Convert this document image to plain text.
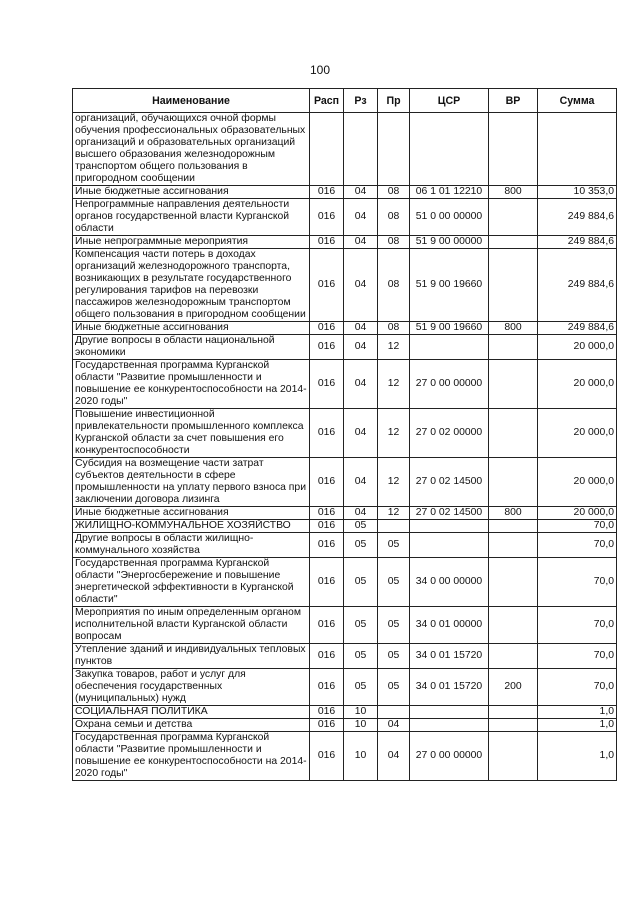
100
Наименование	Расп	Рз	Пр	ЦСР	ВР	Сумма
организаций, обучающихся очной формы обучения профессиональных образовательных организаций и образовательных организаций высшего образования железнодорожным транспортом общего пользования в пригородном сообщении						
Иные бюджетные ассигнования	016	04	08	06 1 01 12210	800	10 353,0
Непрограммные направления деятельности органов государственной власти Курганской области	016	04	08	51 0 00 00000		249 884,6
Иные непрограммные мероприятия	016	04	08	51 9 00 00000		249 884,6
Компенсация части потерь в доходах организаций железнодорожного транспорта, возникающих в результате государственного регулирования тарифов на перевозки пассажиров железнодорожным транспортом общего пользования в пригородном сообщении	016	04	08	51 9 00 19660		249 884,6
Иные бюджетные ассигнования	016	04	08	51 9 00 19660	800	249 884,6
Другие вопросы в области национальной экономики	016	04	12			20 000,0
Государственная программа Курганской области "Развитие промышленности и повышение ее конкурентоспособности на 2014-2020 годы"	016	04	12	27 0 00 00000		20 000,0
Повышение инвестиционной привлекательности промышленного комплекса Курганской области за счет повышения его конкурентоспособности	016	04	12	27 0 02 00000		20 000,0
Субсидия на возмещение части затрат субъектов деятельности в сфере промышленности на уплату первого взноса при заключении договора лизинга	016	04	12	27 0 02 14500		20 000,0
Иные бюджетные ассигнования	016	04	12	27 0 02 14500	800	20 000,0
ЖИЛИЩНО-КОММУНАЛЬНОЕ ХОЗЯЙСТВО	016	05				70,0
Другие вопросы в области жилищно-коммунального хозяйства	016	05	05			70,0
Государственная программа Курганской области "Энергосбережение и повышение энергетической эффективности в Курганской области"	016	05	05	34 0 00 00000		70,0
Мероприятия по иным определенным органом исполнительной власти Курганской области вопросам	016	05	05	34 0 01 00000		70,0
Утепление зданий и индивидуальных тепловых пунктов	016	05	05	34 0 01 15720		70,0
Закупка товаров, работ и услуг для обеспечения государственных (муниципальных) нужд	016	05	05	34 0 01 15720	200	70,0
СОЦИАЛЬНАЯ ПОЛИТИКА	016	10				1,0
Охрана семьи и детства	016	10	04			1,0
Государственная программа Курганской области "Развитие промышленности и повышение ее конкурентоспособности на 2014-2020 годы"	016	10	04	27 0 00 00000		1,0
